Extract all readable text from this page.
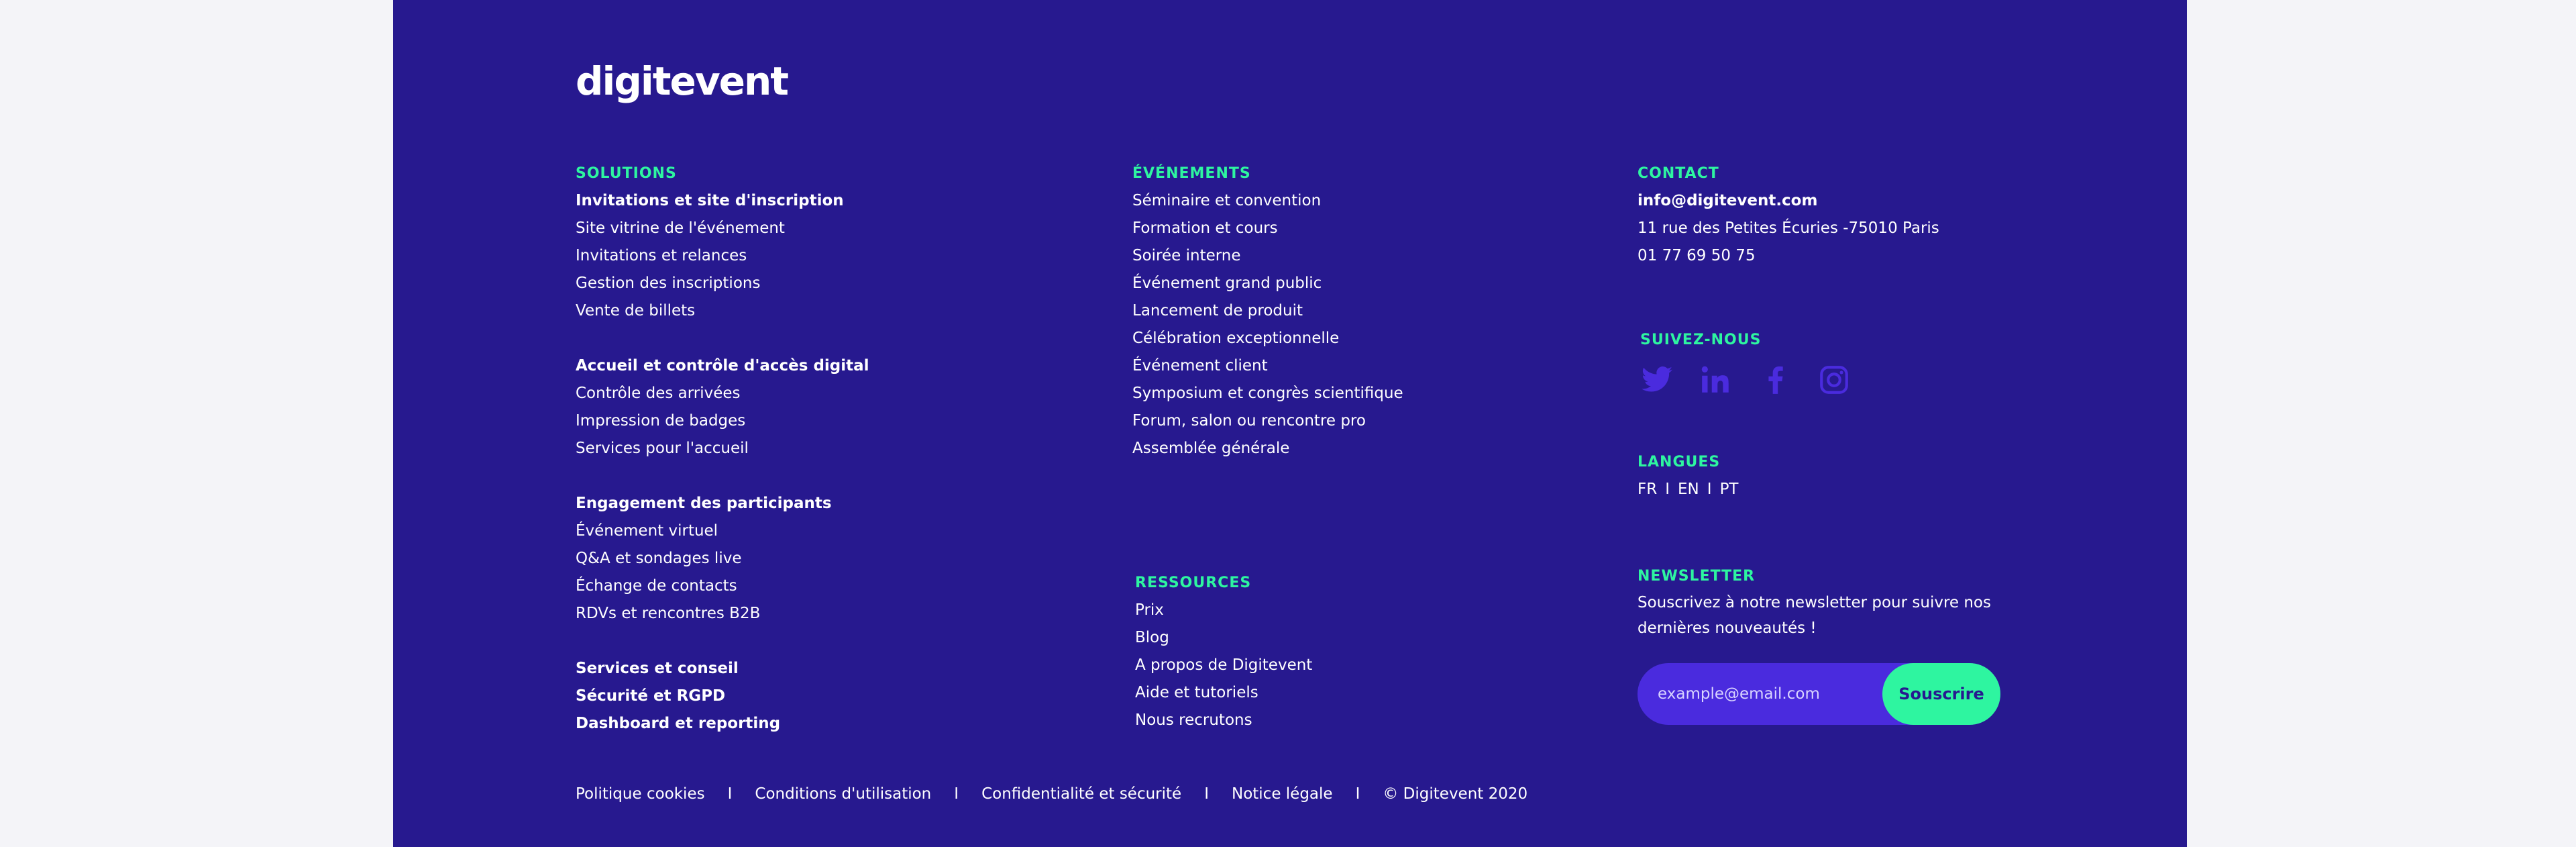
digitevent
SOLUTIONS
Invitations et site d'inscription
Site vitrine de l'événement
Invitations et relances
Gestion des inscriptions
Vente de billets
Accueil et contrôle d'accès digital
Contrôle des arrivées
Impression de badges
Services pour l'accueil
Engagement des participants
Événement virtuel
Q&A et sondages live
Échange de contacts
RDVs et rencontres B2B
Services et conseil
Sécurité et RGPD
Dashboard et reporting
ÉVÉNEMENTS
Séminaire et convention
Formation et cours
Soirée interne
Événement grand public
Lancement de produit
Célébration exceptionnelle
Événement client
Symposium et congrès scientifique
Forum, salon ou rencontre pro
Assemblée générale
RESSOURCES
Prix
Blog
A propos de Digitevent
Aide et tutoriels
Nous recrutons
CONTACT
info@digitevent.com
11 rue des Petites Écuries -75010 Paris
01 77 69 50 75
SUIVEZ-NOUS
LANGUES
FR I EN I PT
NEWSLETTER
Souscrivez à notre newsletter pour suivre nos dernières nouveautés !
example@email.com
Souscrire
Politique cookies I Conditions d'utilisation I Confidentialité et sécurité I Notice légale I © Digitevent 2020
